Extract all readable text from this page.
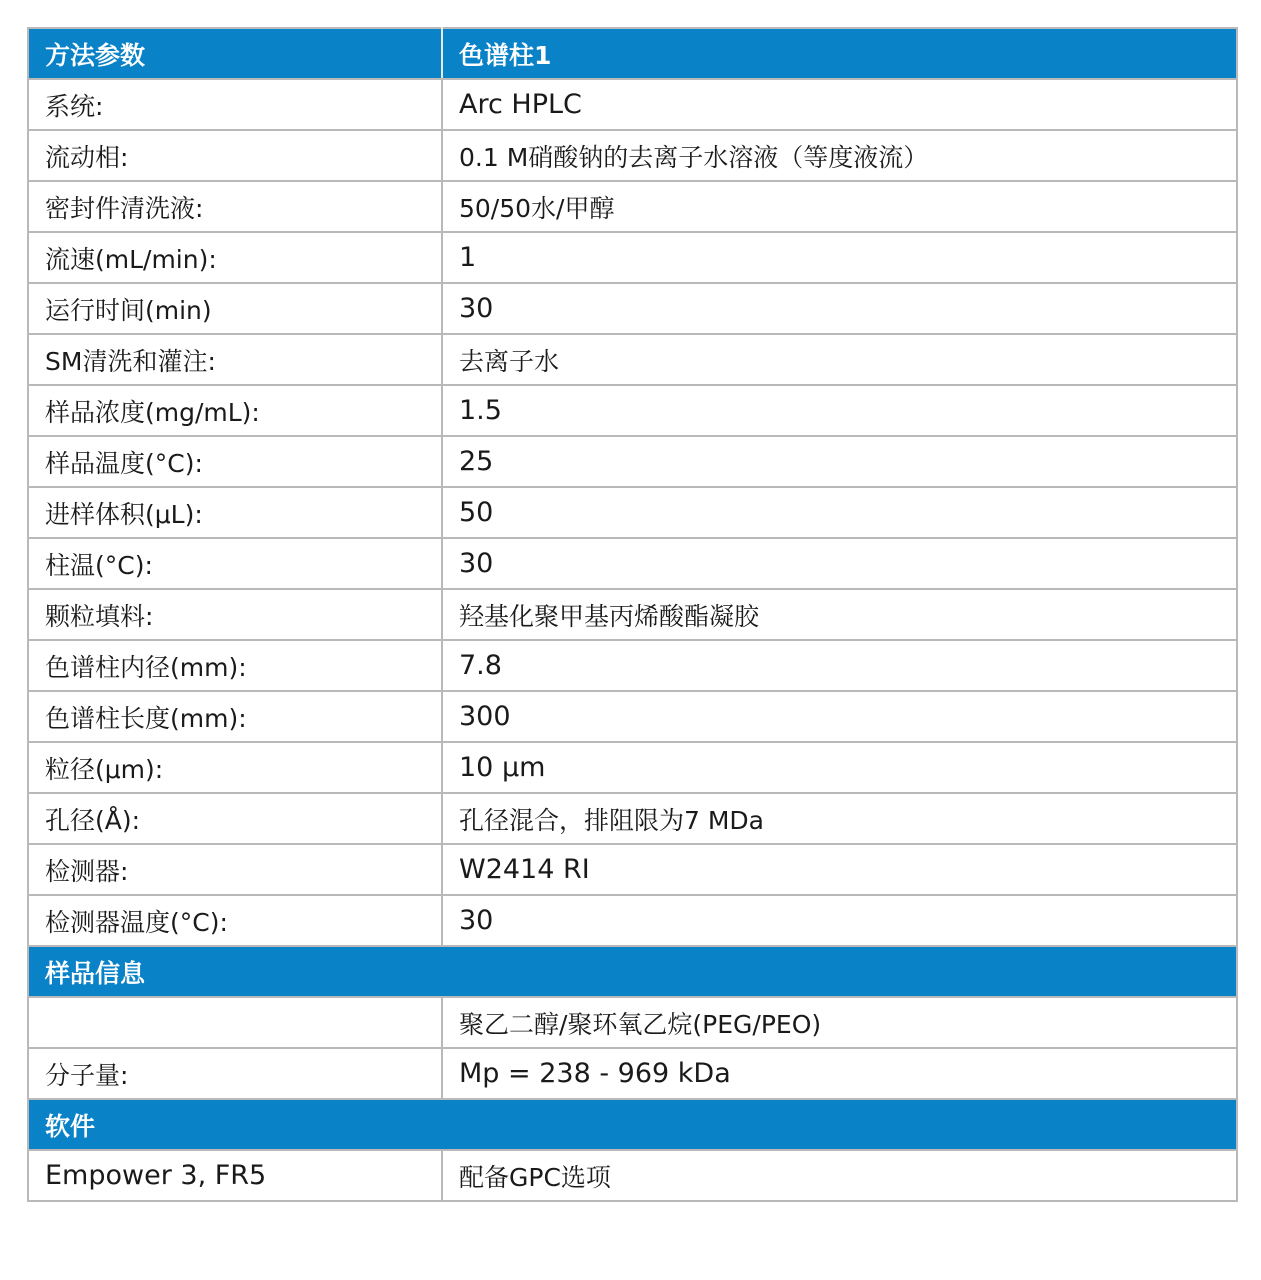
方法参数	色谱柱1
系统:	Arc HPLC
流动相:	0.1 M硝酸钠的去离子水溶液（等度液流）
密封件清洗液:	50/50水/甲醇
流速(mL/min):	1
运行时间(min)	30
SM清洗和灌注:	去离子水
样品浓度(mg/mL):	1.5
样品温度(°C):	25
进样体积(μL):	50
柱温(°C):	30
颗粒填料:	羟基化聚甲基丙烯酸酯凝胶
色谱柱内径(mm):	7.8
色谱柱长度(mm):	300
粒径(μm):	10 μm
孔径(Å):	孔径混合，排阻限为7 MDa
检测器:	W2414 RI
检测器温度(°C):	30
样品信息	
	聚乙二醇/聚环氧乙烷(PEG/PEO)
分子量:	Mp = 238 - 969 kDa
软件	
Empower 3, FR5	配备GPC选项
